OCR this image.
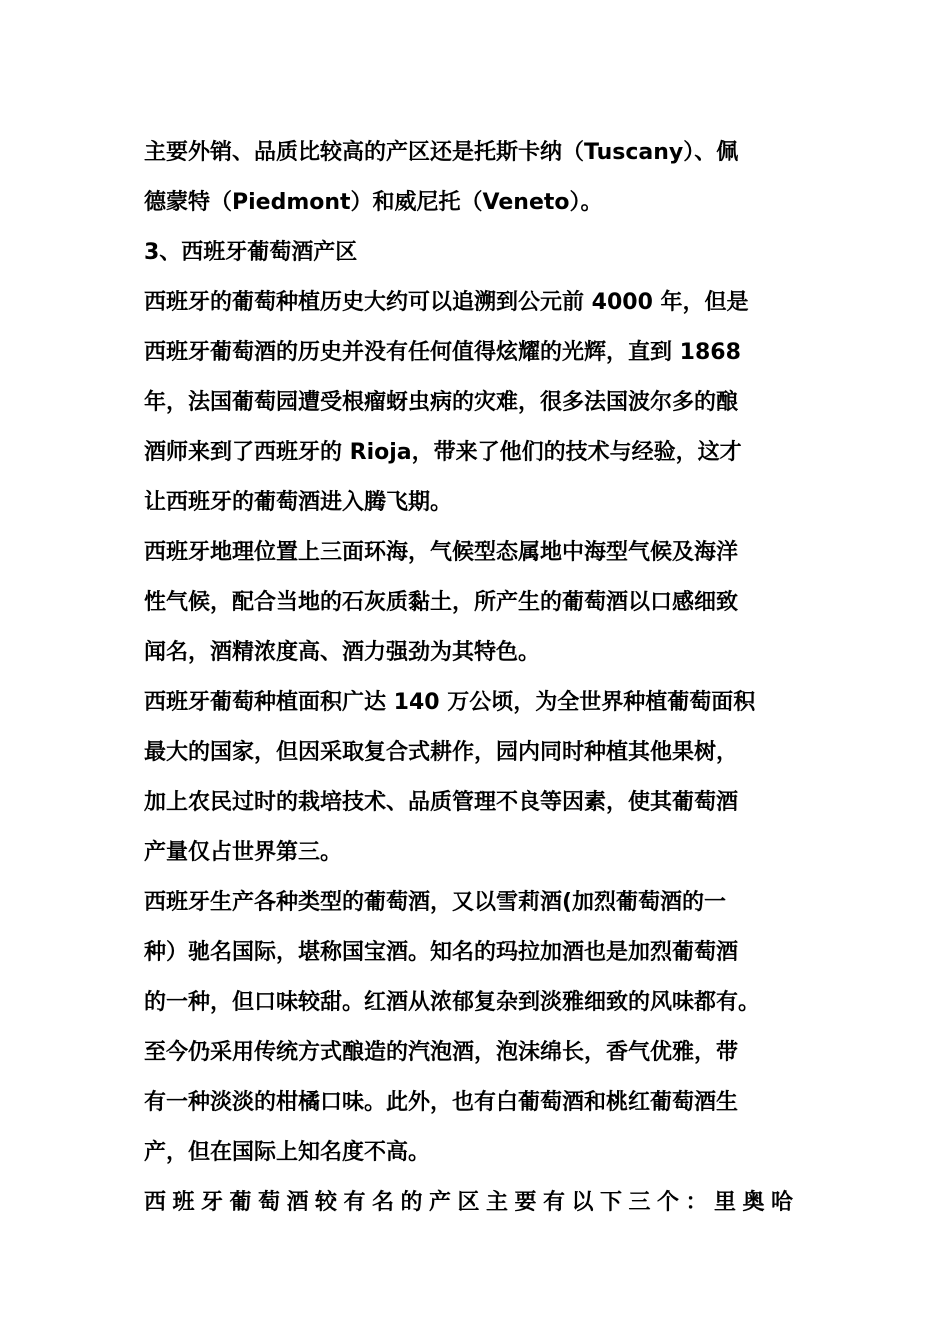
主要外销、品质比较高的产区还是托斯卡纳（Tuscany）、佩
德蒙特（Piedmont）和威尼托（Veneto）。
3、西班牙葡萄酒产区
西班牙的葡萄种植历史大约可以追溯到公元前 4000 年，但是
西班牙葡萄酒的历史并没有任何值得炫耀的光辉，直到 1868
年，法国葡萄园遭受根瘤蚜虫病的灾难，很多法国波尔多的酿
酒师来到了西班牙的 Rioja，带来了他们的技术与经验，这才
让西班牙的葡萄酒进入腾飞期。
西班牙地理位置上三面环海，气候型态属地中海型气候及海洋
性气候，配合当地的石灰质黏土，所产生的葡萄酒以口感细致
闻名，酒精浓度高、酒力强劲为其特色。
西班牙葡萄种植面积广达 140 万公顷，为全世界种植葡萄面积
最大的国家，但因采取复合式耕作，园内同时种植其他果树，
加上农民过时的栽培技术、品质管理不良等因素，使其葡萄酒
产量仅占世界第三。
西班牙生产各种类型的葡萄酒，又以雪莉酒(加烈葡萄酒的一
种）驰名国际，堪称国宝酒。知名的玛拉加酒也是加烈葡萄酒
的一种，但口味较甜。红酒从浓郁复杂到淡雅细致的风味都有。
至今仍采用传统方式酿造的汽泡酒，泡沫绵长，香气优雅，带
有一种淡淡的柑橘口味。此外，也有白葡萄酒和桃红葡萄酒生
产，但在国际上知名度不高。
西班牙葡萄酒较有名的产区主要有以下三个：里奥哈
